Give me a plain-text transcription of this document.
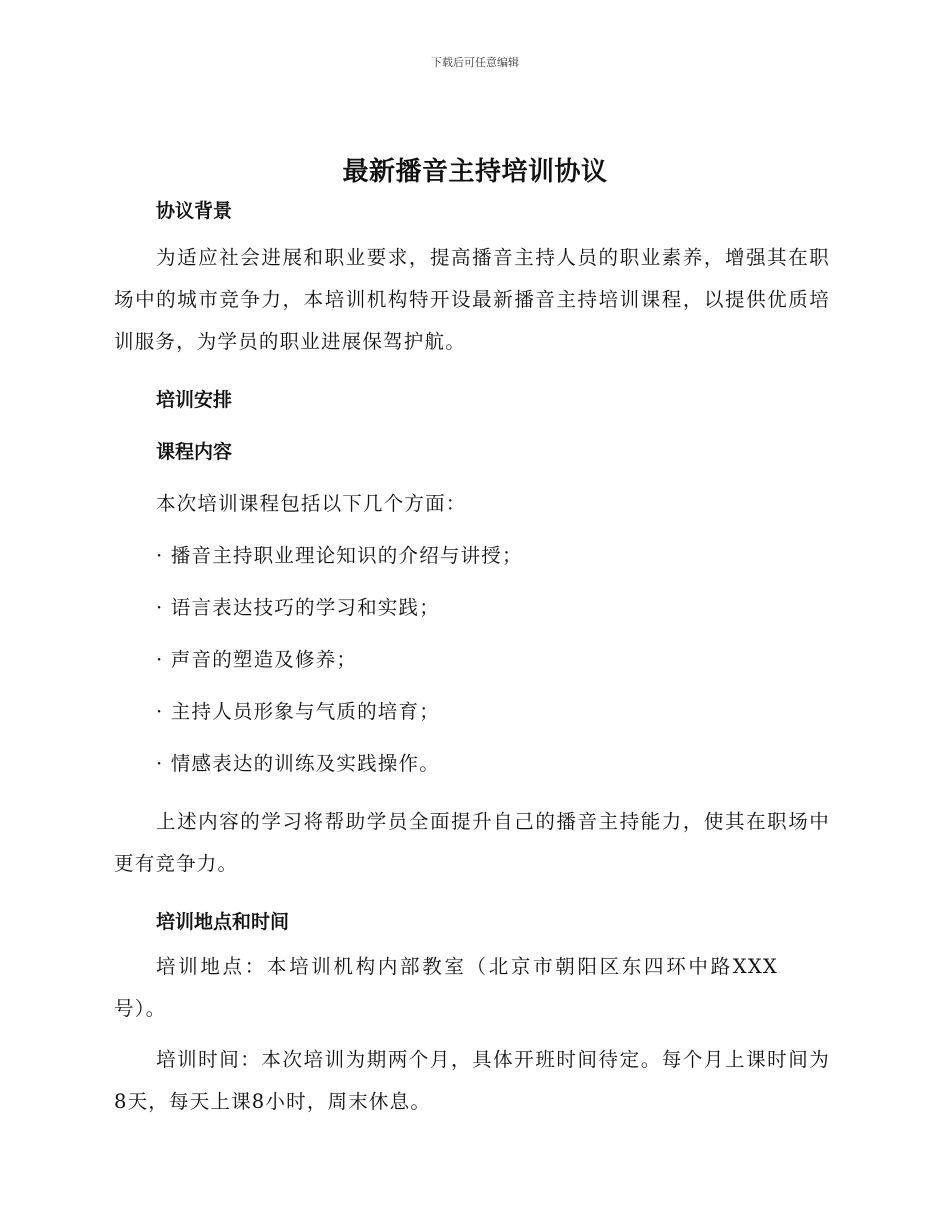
下载后可任意编辑
最新播音主持培训协议
协议背景
为适应社会进展和职业要求，提高播音主持人员的职业素养，增强其在职场中的城市竞争力，本培训机构特开设最新播音主持培训课程，以提供优质培训服务，为学员的职业进展保驾护航。
培训安排
课程内容
本次培训课程包括以下几个方面：
· 播音主持职业理论知识的介绍与讲授；
· 语言表达技巧的学习和实践；
· 声音的塑造及修养；
· 主持人员形象与气质的培育；
· 情感表达的训练及实践操作。
上述内容的学习将帮助学员全面提升自己的播音主持能力，使其在职场中更有竞争力。
培训地点和时间
培训地点：本培训机构内部教室（北京市朝阳区东四环中路XXX号）。
培训时间：本次培训为期两个月，具体开班时间待定。每个月上课时间为8天，每天上课8小时，周末休息。
